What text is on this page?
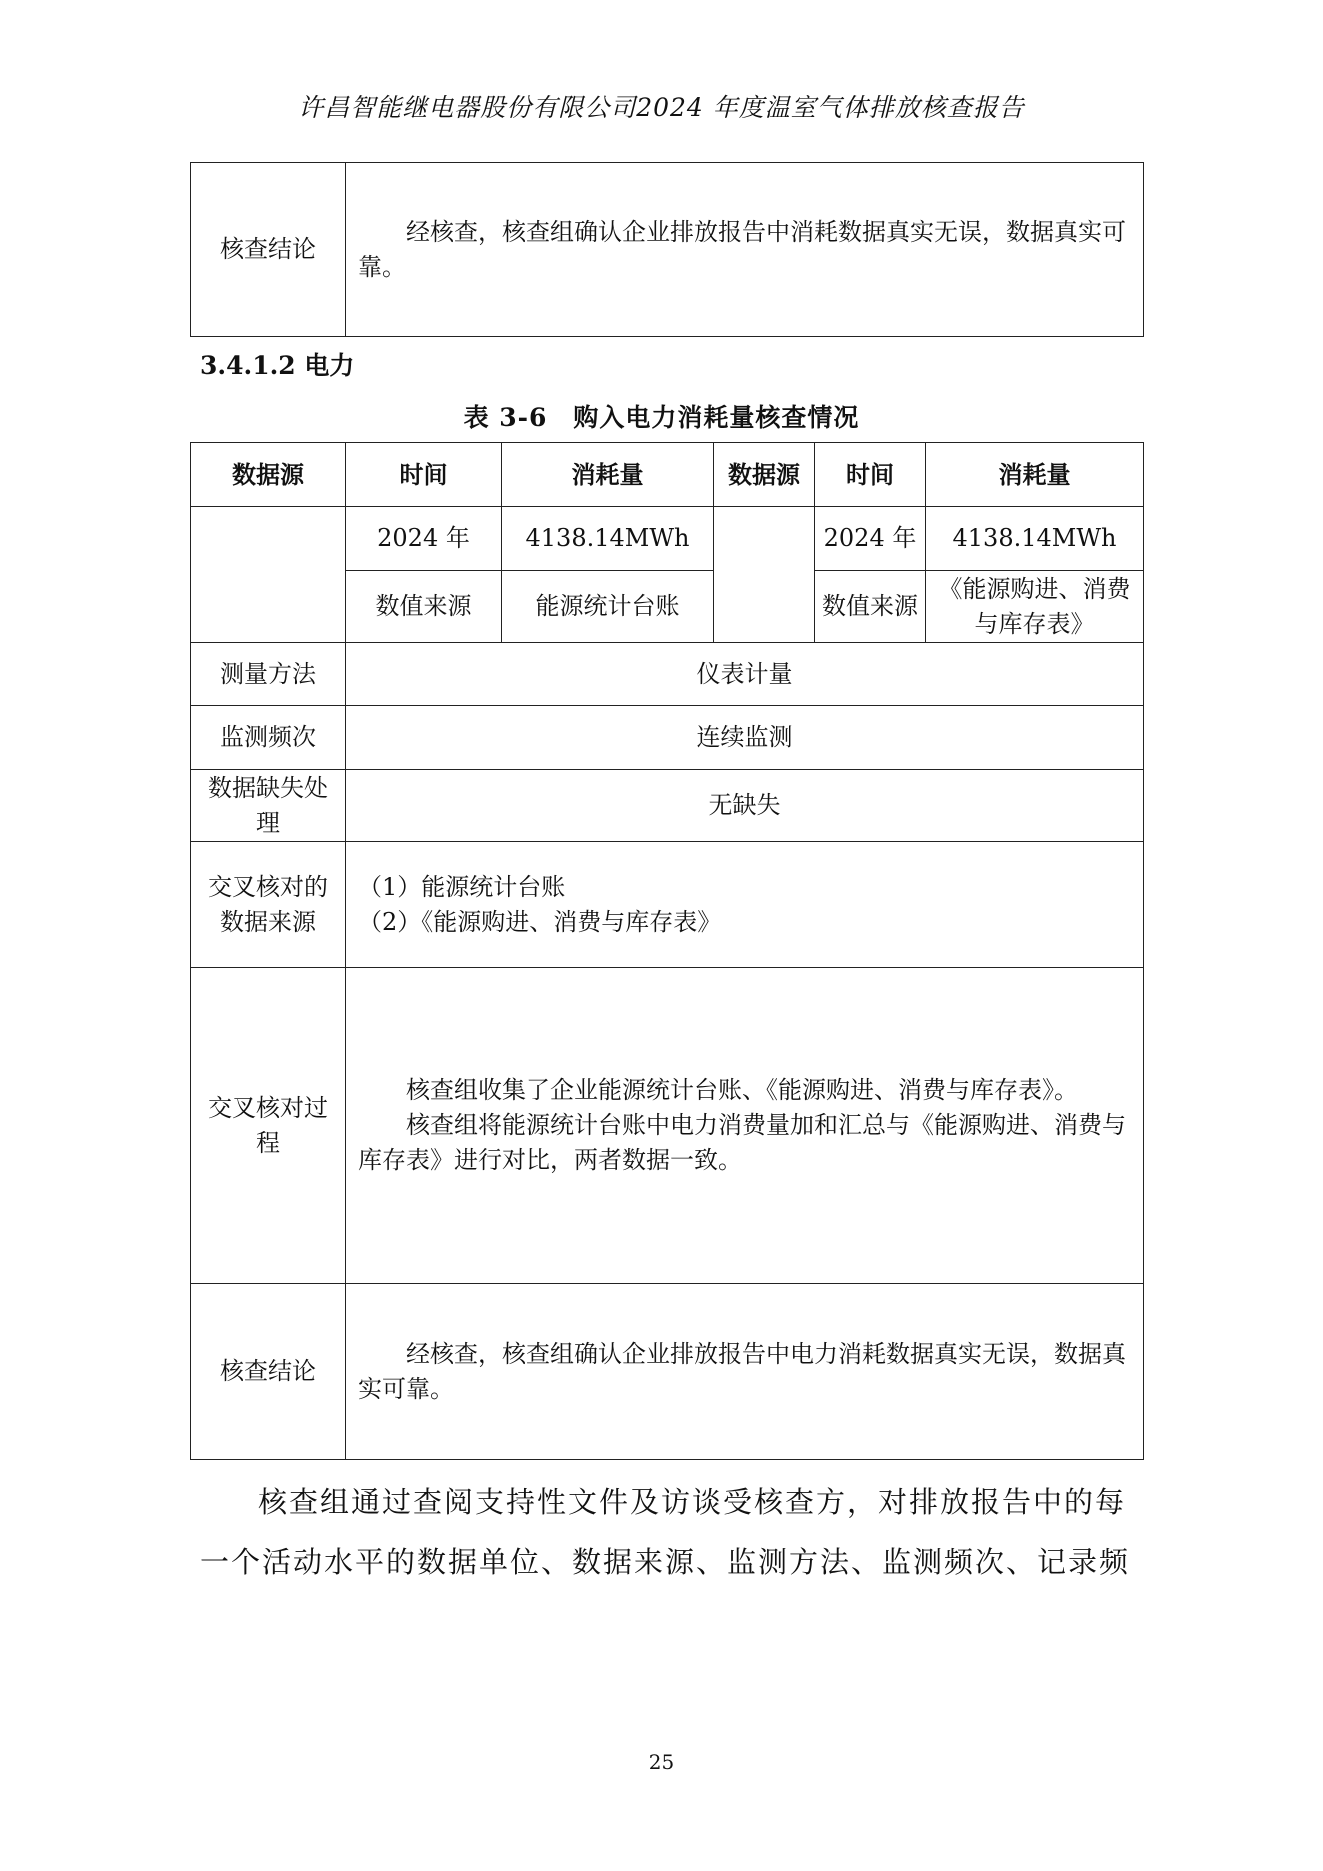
许昌智能继电器股份有限公司2024 年度温室气体排放核查报告
核查结论	经核查，核查组确认企业排放报告中消耗数据真实无误，数据真实可靠。
3.4.1.2 电力
表 3-6　购入电力消耗量核查情况
数据源	时间	消耗量	数据源	时间	消耗量
	2024 年	4138.14MWh		2024 年	4138.14MWh
	数值来源	能源统计台账		数值来源	《能源购进、消费与库存表》
测量方法	仪表计量				
监测频次	连续监测				
数据缺失处理	无缺失				
交叉核对的数据来源	（1）能源统计台账
（2）《能源购进、消费与库存表》				

交叉核对过程	核查组收集了企业能源统计台账、《能源购进、消费与库存表》。
核查组将能源统计台账中电力消费量加和汇总与《能源购进、消费与库存表》进行对比，两者数据一致。				

核查结论	经核查，核查组确认企业排放报告中电力消耗数据真实无误，数据真实可靠。				
核查组通过查阅支持性文件及访谈受核查方，对排放报告中的每
一个活动水平的数据单位、数据来源、监测方法、监测频次、记录频
25
